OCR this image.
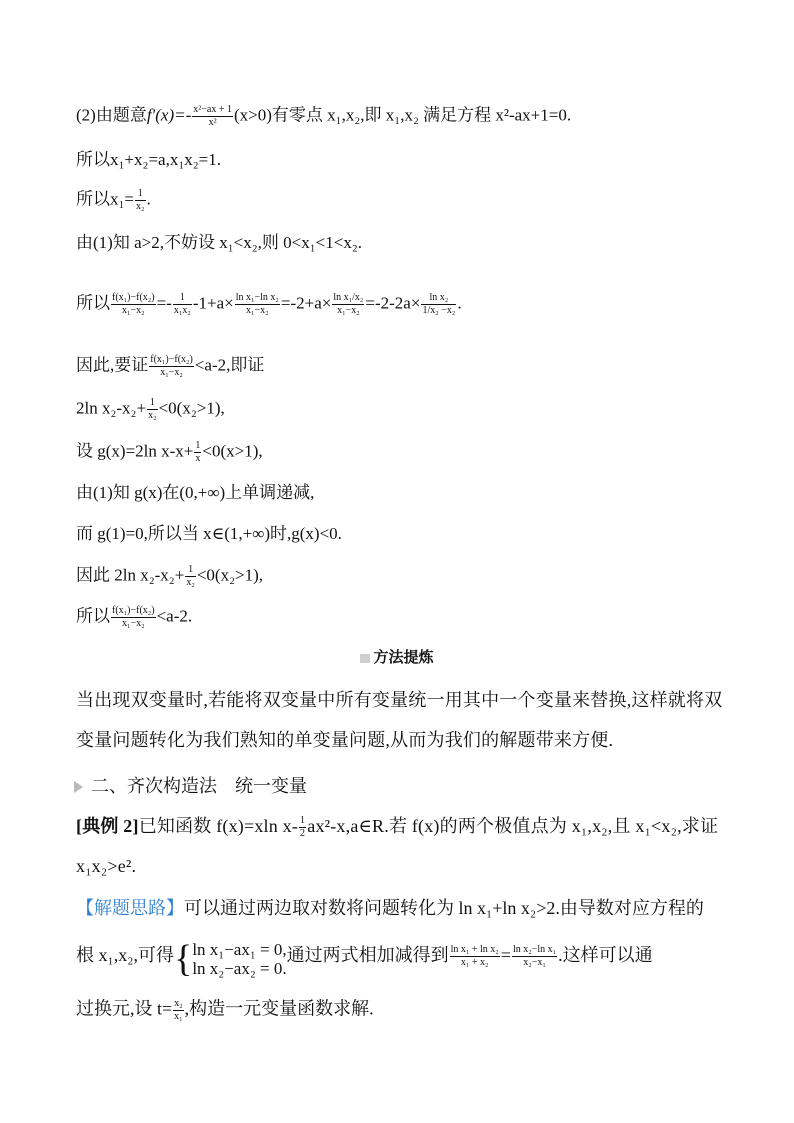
(2)由题意$f'(x)=- \frac{\text{x²−ax + 1}}{\text{x²}} (x>0)$有零点 x₁,x₂,即 x₁,x₂ 满足方程 x²-ax+1=0.
所以x₁+x₂=a,x₁x₂=1.
所以$x_1= \frac{1}{\text{x₂}}$ .
由(1)知 a>2,不妨设 x₁<x₂,则 0<x₁<1<x₂.
所以 $\frac{\text{f(x₁)−f(x₂)}}{\text{x₁−x₂}} =- \frac{1}{\text{x₁x₂}} -1+a\times \frac{\text{ln x₁−ln x₂}}{\text{x₁−x₂}} =-2+a\times \frac{\text{ln x₁/x₂}}{\text{x₁−x₂}} =-2-2a\times \frac{\text{ln x₂}}{\text{1/x₂ −x₂}}$ .
因此,要证 $\frac{\text{f(x₁)−f(x₂)}}{\text{x₁−x₂}} <a-2$,即证
2ln $x_2-x_2+ \frac{1}{\text{x₂}} <0(x_2>1)$,
设 g(x)=2ln $x-x+ \frac{1}{x} <0(x>1)$,
由(1)知 g(x)在(0,+∞)上单调递减,
而 g(1)=0,所以当 x∈(1,+∞)时,g(x)<0.
因此 2ln $x_2-x_2+ \frac{1}{\text{x₂}} <0(x_2>1)$,
所以 $\frac{\text{f(x₁)−f(x₂)}}{\text{x₁−x₂}} <a-2$.
方法提炼
当出现双变量时,若能将双变量中所有变量统一用其中一个变量来替换,这样就将双变量问题转化为我们熟知的单变量问题,从而为我们的解题带来方便.
二、齐次构造法　统一变量
[典例 2]已知函数 f(x)=xln $x- \frac{1}{2}$ ax²-x,a∈R.若 f(x)的两个极值点为 x₁,x₂,且 x₁<x₂,求证
x₁x₂>e².
【解题思路】可以通过两边取对数将问题转化为 ln x₁+ln x₂>2.由导数对应方程的
根 x₁,x₂,可得{ ln x₁−ax₁ = 0,
ln x₂−ax₂ = 0.
通过两式相加减得到 $\frac{\text{ln x₁ + ln x₂}}{\text{x₁ + x₂}} = \frac{\text{ln x₂−ln x₁}}{\text{x₂−x₁}}$ .这样可以通
过换元,设 $t= \frac{\text{x₂}}{\text{x₁}}$ ,构造一元变量函数求解.
